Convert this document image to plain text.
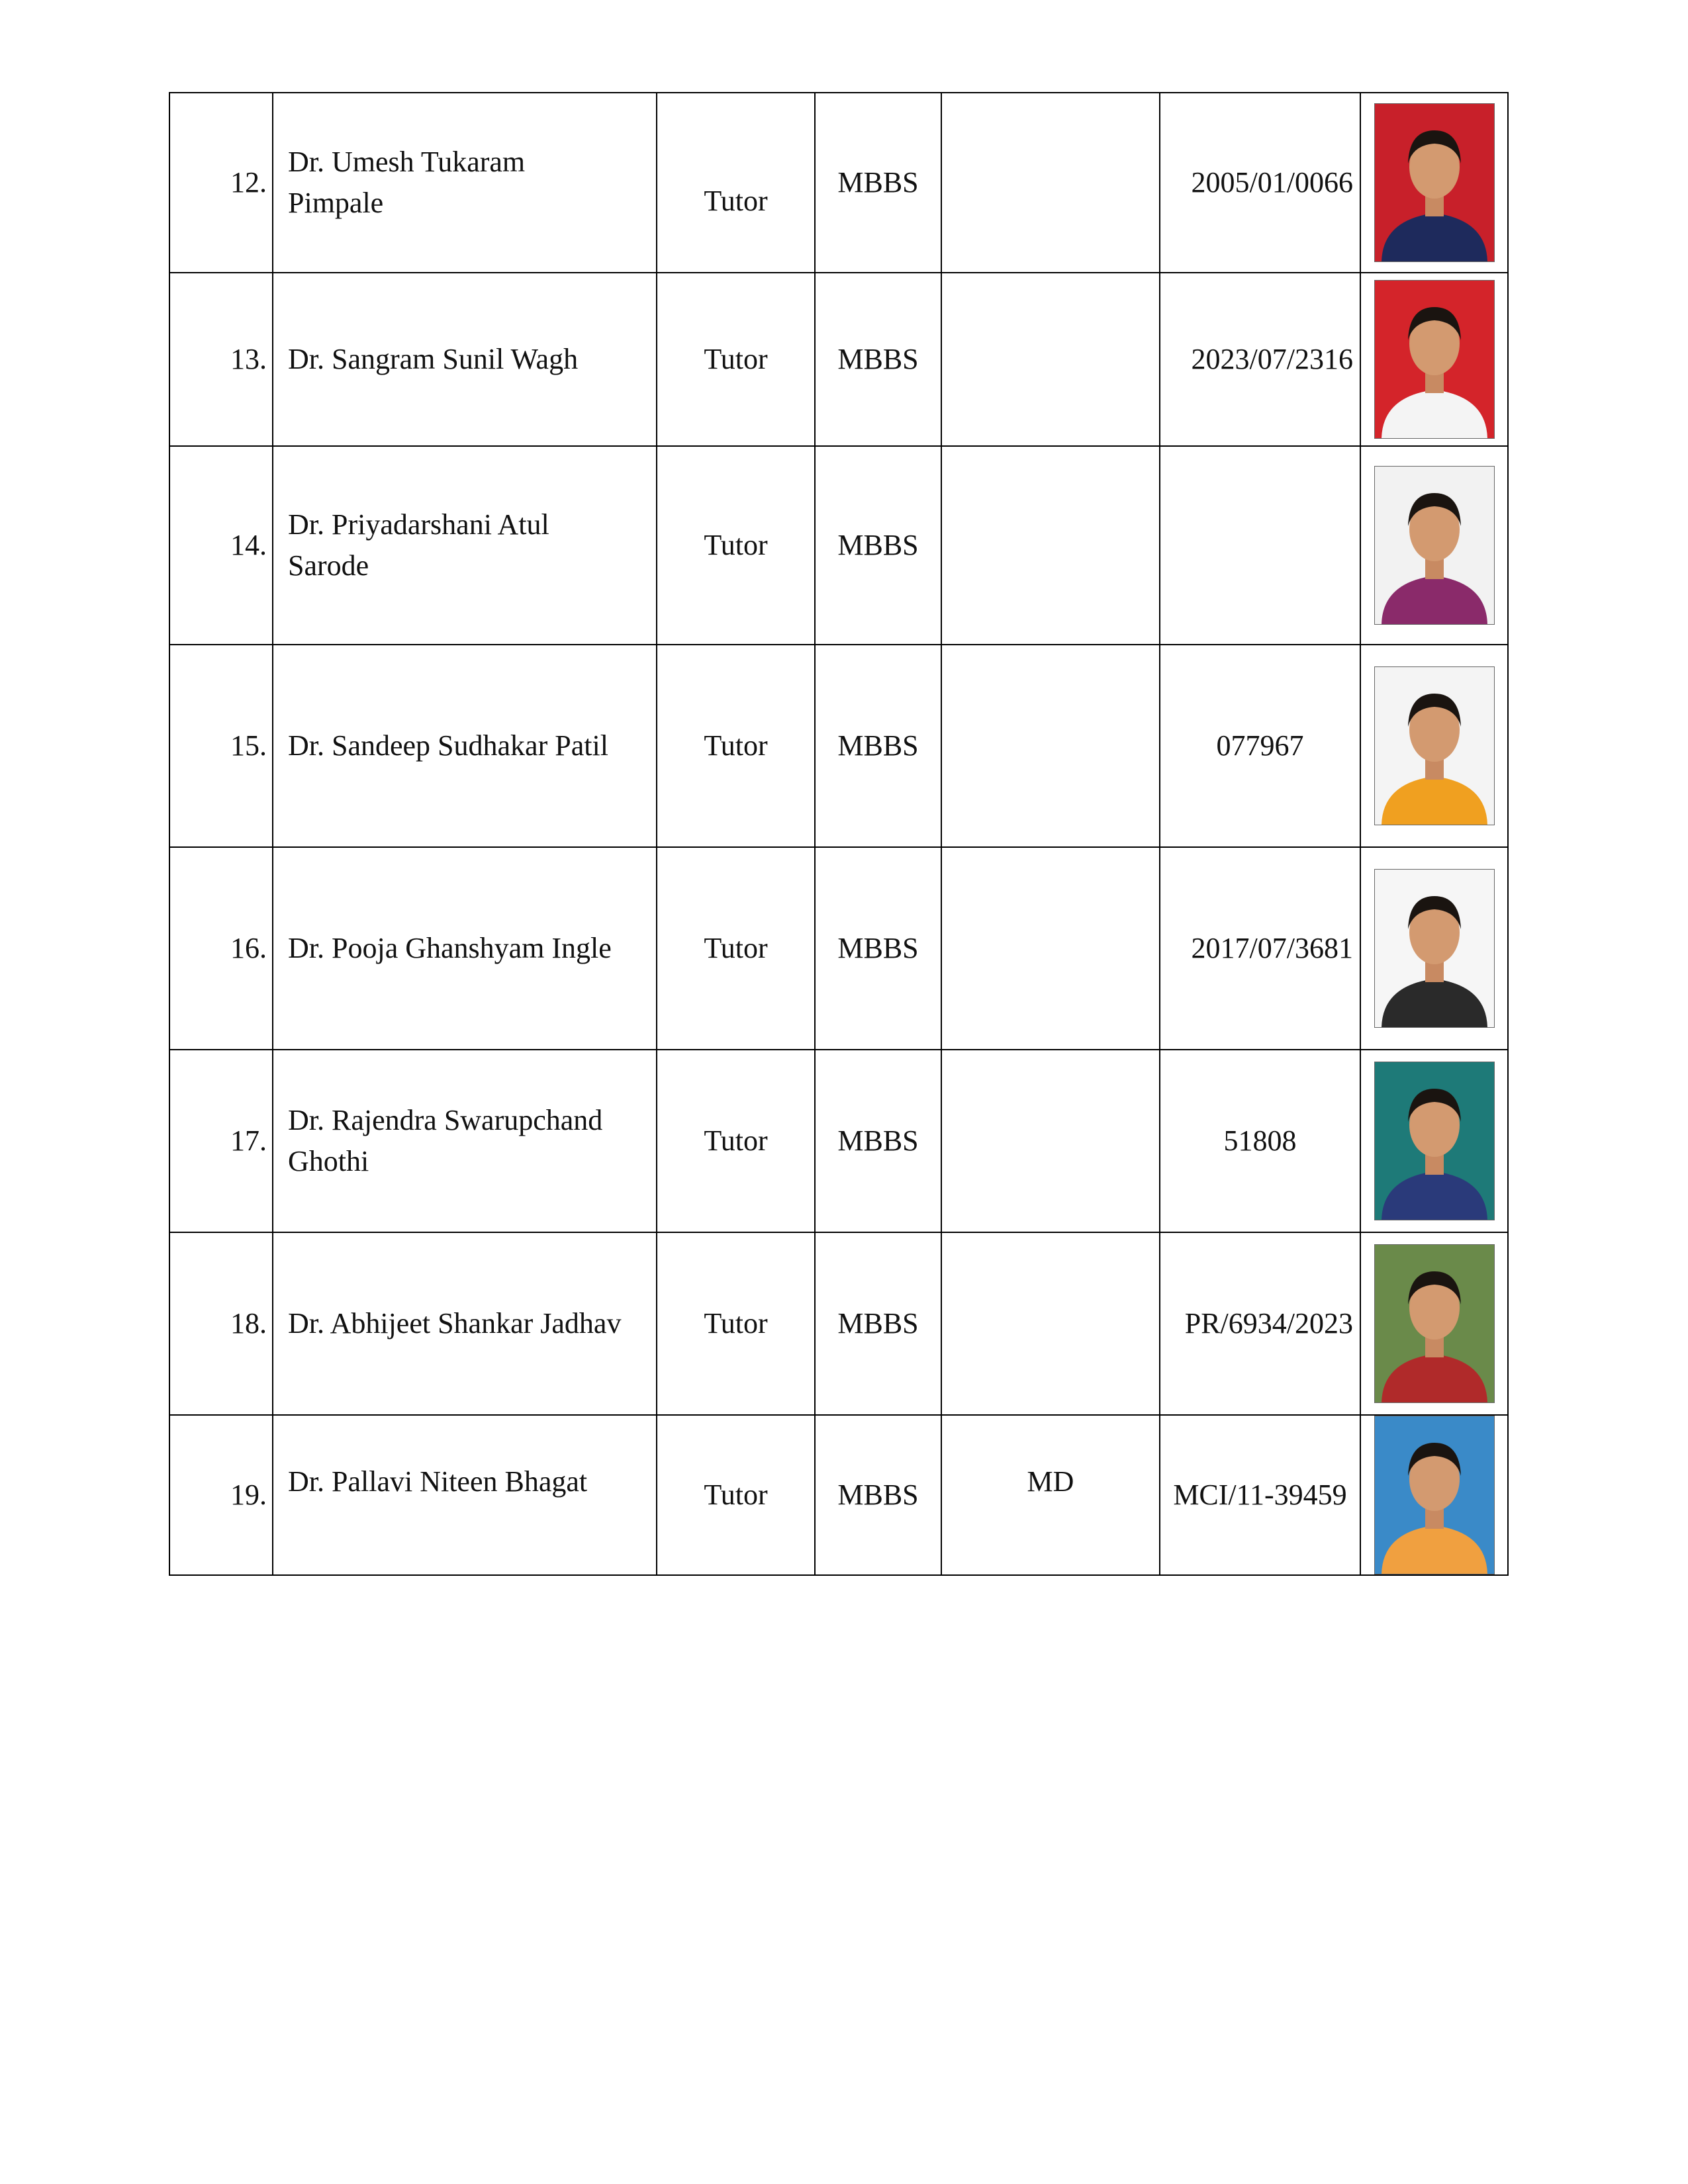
12.	Dr. Umesh Tukaram Pimpale	Tutor	MBBS		2005/01/0066	

13.	Dr. Sangram Sunil Wagh	Tutor	MBBS		2023/07/2316	

14.	Dr. Priyadarshani Atul Sarode	Tutor	MBBS			

15.	Dr. Sandeep Sudhakar Patil	Tutor	MBBS		077967	

16.	Dr. Pooja Ghanshyam Ingle	Tutor	MBBS		2017/07/3681	

17.	Dr. Rajendra Swarupchand Ghothi	Tutor	MBBS		51808	

18.	Dr. Abhijeet Shankar Jadhav	Tutor	MBBS		PR/6934/2023	

19.	Dr. Pallavi Niteen Bhagat	Tutor	MBBS	MD	MCI/11-39459	
